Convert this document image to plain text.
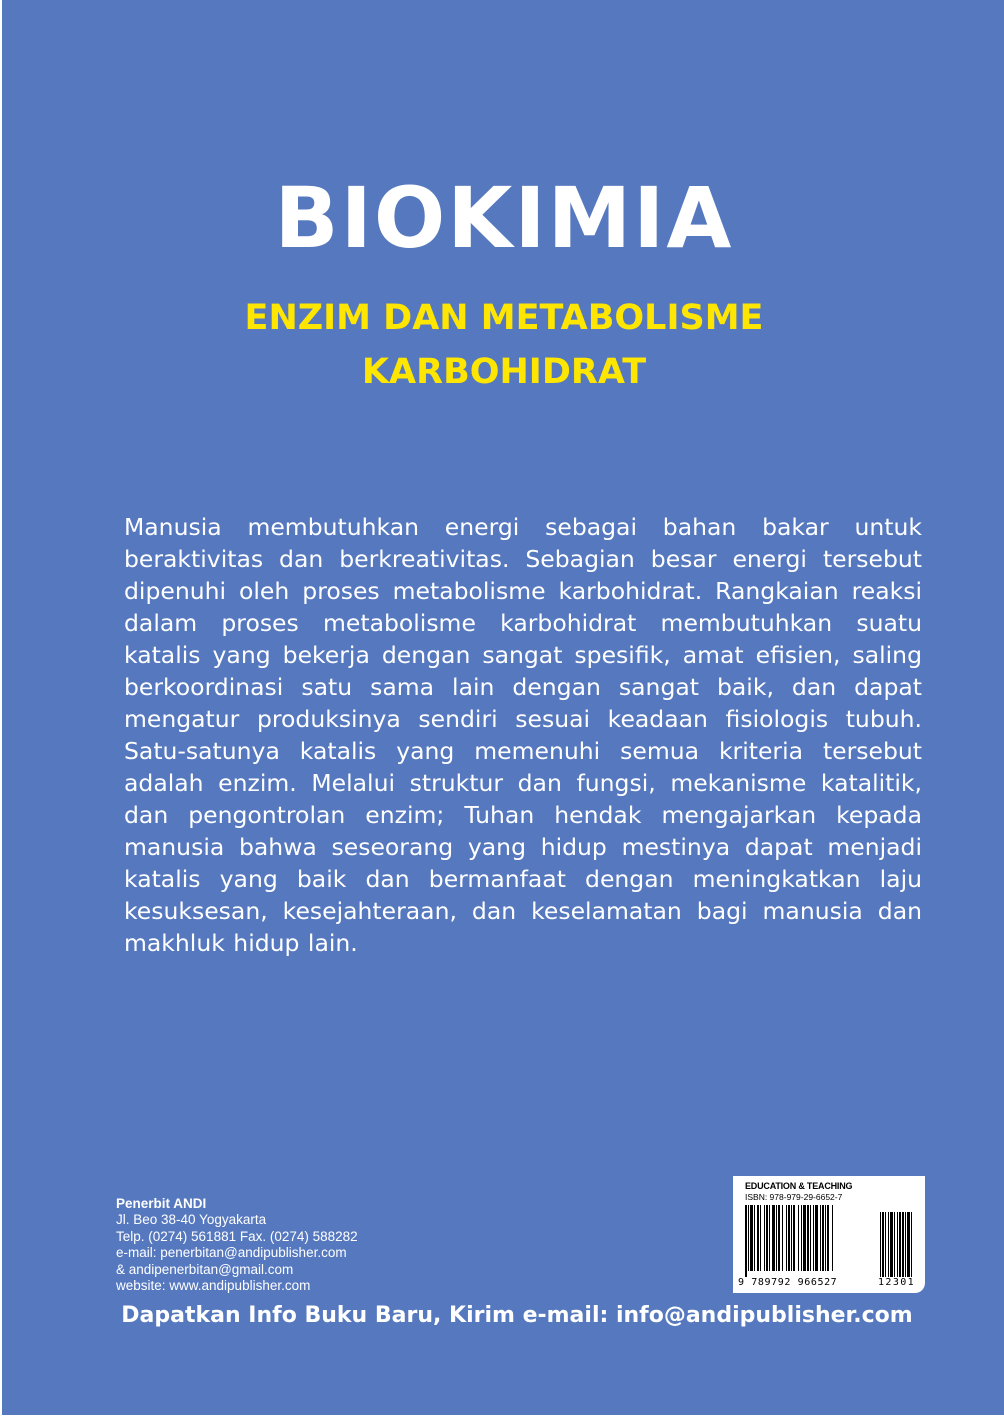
BIOKIMIA
ENZIM DAN METABOLISME
KARBOHIDRAT
Manusia membutuhkan energi sebagai bahan bakar untuk beraktivitas dan berkreativitas. Sebagian besar energi tersebut dipenuhi oleh proses metabolisme karbohidrat. Rangkaian reaksi dalam proses metabolisme karbohidrat membutuhkan suatu katalis yang bekerja dengan sangat spesifik, amat efisien, saling berkoordinasi satu sama lain dengan sangat baik, dan dapat mengatur produksinya sendiri sesuai keadaan fisiologis tubuh. Satu-satunya katalis yang memenuhi semua kriteria tersebut adalah enzim. Melalui struktur dan fungsi, mekanisme katalitik, dan pengontrolan enzim; Tuhan hendak mengajarkan kepada manusia bahwa seseorang yang hidup mestinya dapat menjadi katalis yang baik dan bermanfaat dengan meningkatkan laju kesuksesan, kesejahteraan, dan keselamatan bagi manusia dan makhluk hidup lain.
Penerbit ANDI
Jl. Beo 38-40 Yogyakarta
Telp. (0274) 561881 Fax. (0274) 588282
e-mail: penerbitan@andipublisher.com
& andipenerbitan@gmail.com
website: www.andipublisher.com
EDUCATION & TEACHING
ISBN: 978-979-29-6652-7
9 789792 966527	12301
Dapatkan Info Buku Baru, Kirim e-mail: info@andipublisher.com
